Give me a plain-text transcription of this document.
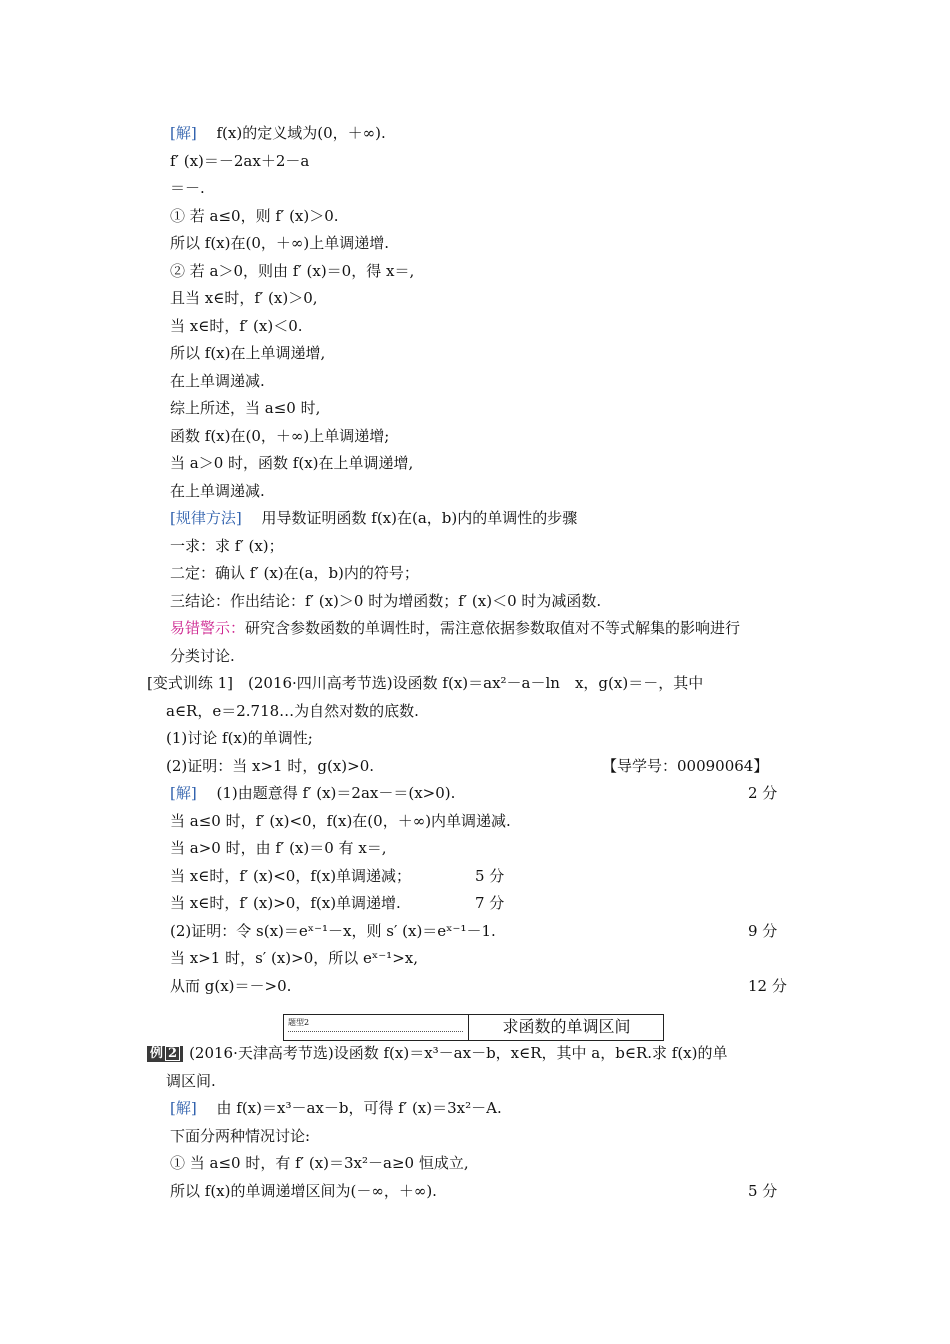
[解]　 f(x)的定义域为(0，＋∞).
f′ (x)＝－2ax＋2－a
＝－.
① 若 a≤0，则 f′ (x)＞0.
所以 f(x)在(0，＋∞)上单调递增.
② 若 a＞0，则由 f′ (x)＝0，得 x＝,
且当 x∈时，f′ (x)＞0,
当 x∈时，f′ (x)＜0.
所以 f(x)在上单调递增,
在上单调递减.
综上所述，当 a≤0 时,
函数 f(x)在(0，＋∞)上单调递增;
当 a＞0 时，函数 f(x)在上单调递增,
在上单调递减.
[规律方法]　 用导数证明函数 f(x)在(a，b)内的单调性的步骤
一求：求 f′ (x)；
二定：确认 f′ (x)在(a，b)内的符号；
三结论：作出结论：f′ (x)＞0 时为增函数；f′ (x)＜0 时为减函数.
易错警示：研究含参数函数的单调性时，需注意依据参数取值对不等式解集的影响进行
分类讨论.
[变式训练 1]　(2016·四川高考节选)设函数 f(x)＝ax²－a－ln　x，g(x)＝－，其中
a∈R，e＝2.718…为自然对数的底数.
(1)讨论 f(x)的单调性;
(2)证明：当 x>1 时，g(x)>0.	【导学号：00090064】
[解]　 (1)由题意得 f′ (x)＝2ax－＝(x>0).	2 分
当 a≤0 时，f′ (x)<0，f(x)在(0，＋∞)内单调递减.
当 a>0 时，由 f′ (x)＝0 有 x＝,
当 x∈时，f′ (x)<0，f(x)单调递减；	5 分
当 x∈时，f′ (x)>0，f(x)单调递增.	7 分
(2)证明：令 s(x)＝eˣ⁻¹－x，则 s′ (x)＝eˣ⁻¹－1.	9 分
当 x>1 时，s′ (x)>0，所以 eˣ⁻¹>x,
从而 g(x)＝－>0.	12 分
题型2	求函数的单调区间
例 2 (2016·天津高考节选)设函数 f(x)＝x³－ax－b，x∈R，其中 a，b∈R.求 f(x)的单
调区间.
[解]　 由 f(x)＝x³－ax－b，可得 f′ (x)＝3x²－A.
下面分两种情况讨论:
① 当 a≤0 时，有 f′ (x)＝3x²－a≥0 恒成立,
所以 f(x)的单调递增区间为(－∞，＋∞).	5 分
